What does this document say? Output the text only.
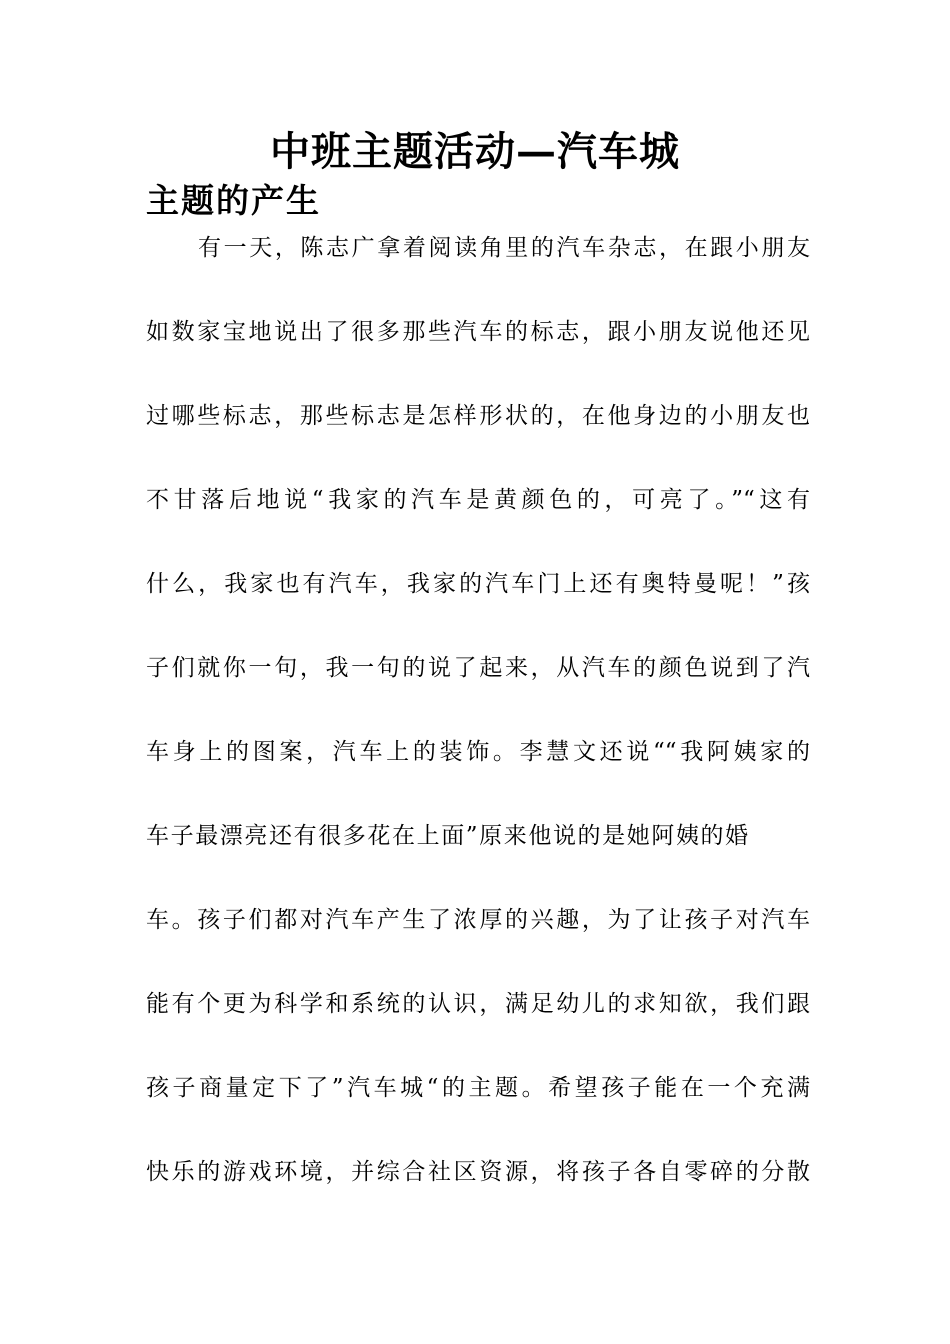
中班主题活动—汽车城
主题的产生
有一天，陈志广拿着阅读角里的汽车杂志，在跟小朋友
如数家宝地说出了很多那些汽车的标志，跟小朋友说他还见
过哪些标志，那些标志是怎样形状的，在他身边的小朋友也
不甘落后地说“我家的汽车是黄颜色的，可亮了。”“这有
什么，我家也有汽车，我家的汽车门上还有奥特曼呢！”孩
子们就你一句，我一句的说了起来，从汽车的颜色说到了汽
车身上的图案，汽车上的装饰。李慧文还说““我阿姨家的
车子最漂亮还有很多花在上面”原来他说的是她阿姨的婚
车。孩子们都对汽车产生了浓厚的兴趣，为了让孩子对汽车
能有个更为科学和系统的认识，满足幼儿的求知欲，我们跟
孩子商量定下了”汽车城“的主题。希望孩子能在一个充满
快乐的游戏环境，并综合社区资源，将孩子各自零碎的分散
